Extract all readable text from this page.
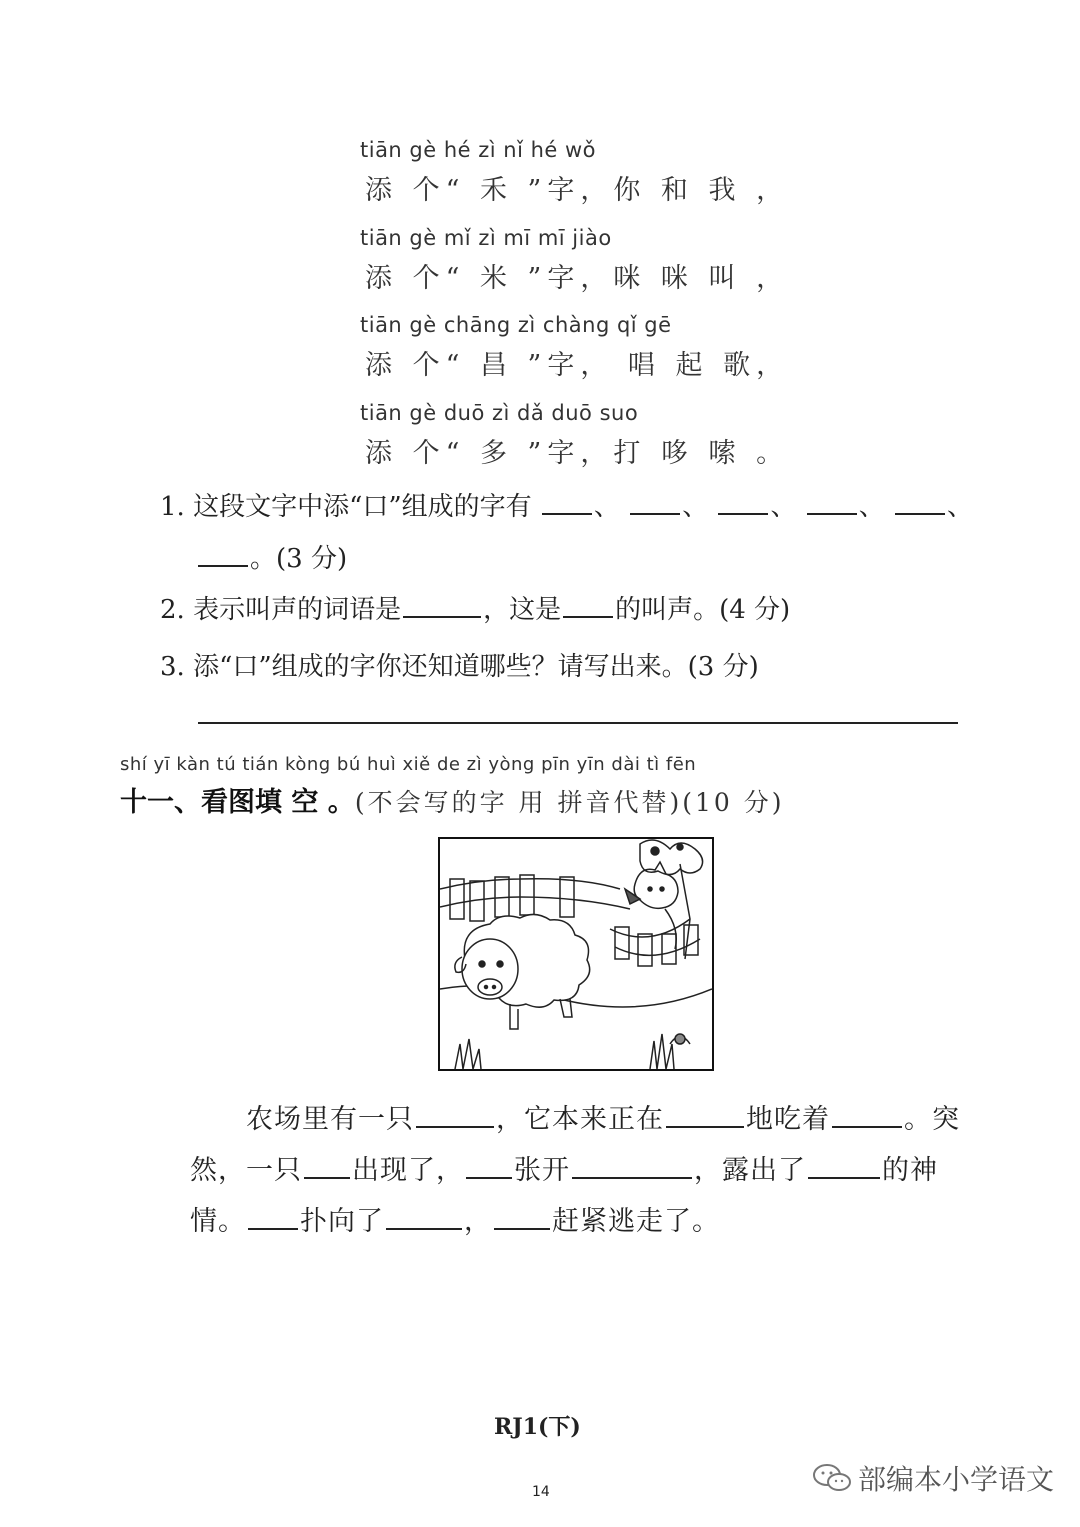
tiān gè hé zì nǐ hé wǒ
添 个“ 禾 ”字，你 和 我 ，
tiān gè mǐ zì mī mī jiào
添 个“ 米 ”字，咪 咪 叫 ，
tiān gè chāng zì chàng qǐ gē
添 个“ 昌 ”字， 唱 起 歌，
tiān gè duō zì dǎ duō suo
添 个“ 多 ”字，打 哆 嗦 。
1. 这段文字中添“口”组成的字有 、 、 、 、 、
。(3 分)
2. 表示叫声的词语是	，这是 的叫声。(4 分)
3. 添“口”组成的字你还知道哪些？请写出来。(3 分)
shí yī kàn tú tián kòng bú huì xiě de zì yòng pīn yīn dài tì fēn
十一、看图填 空 。(不会写的字 用 拼音代替)(10 分)
农场里有一只	，它本来正在	地吃着	。突
然，一只 出现了， 张开	，露出了	的神
情。 扑向了	， 赶紧逃走了。
RJ1(下)
14	部编本小学语文
